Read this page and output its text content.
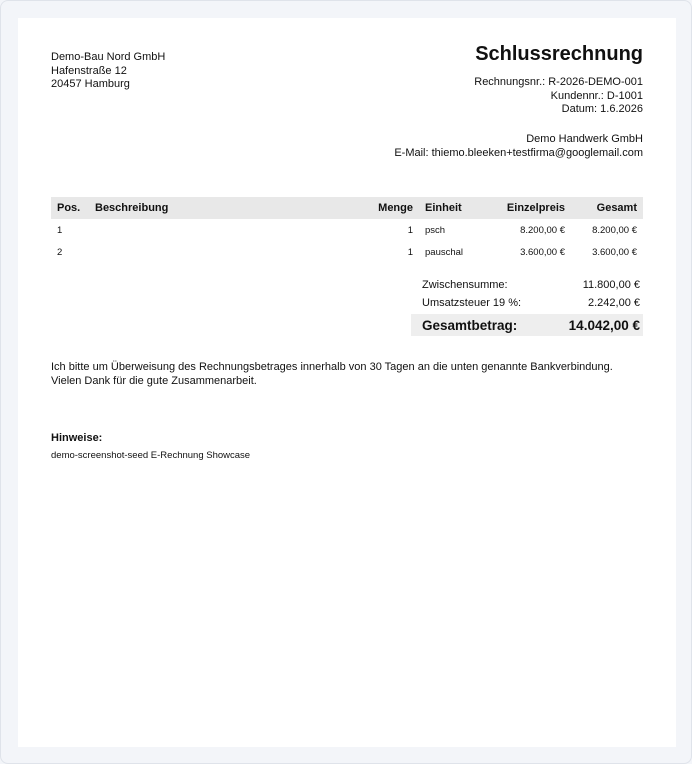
Demo-Bau Nord GmbH
Hafenstraße 12
20457 Hamburg
Schlussrechnung
Rechnungsnr.: R-2026-DEMO-001
Kundennr.: D-1001
Datum: 1.6.2026
Demo Handwerk GmbH
E-Mail: thiemo.bleeken+testfirma@googlemail.com
Pos.	Beschreibung	Menge	Einheit	Einzelpreis	Gesamt
1		1	psch	8.200,00 €	8.200,00 €
2		1	pauschal	3.600,00 €	3.600,00 €
Zwischensumme:	11.800,00 €
Umsatzsteuer 19 %:	2.242,00 €
Gesamtbetrag:	14.042,00 €
Ich bitte um Überweisung des Rechnungsbetrages innerhalb von 30 Tagen an die unten genannte Bankverbindung.
Vielen Dank für die gute Zusammenarbeit.
Hinweise:
demo-screenshot-seed E-Rechnung Showcase
